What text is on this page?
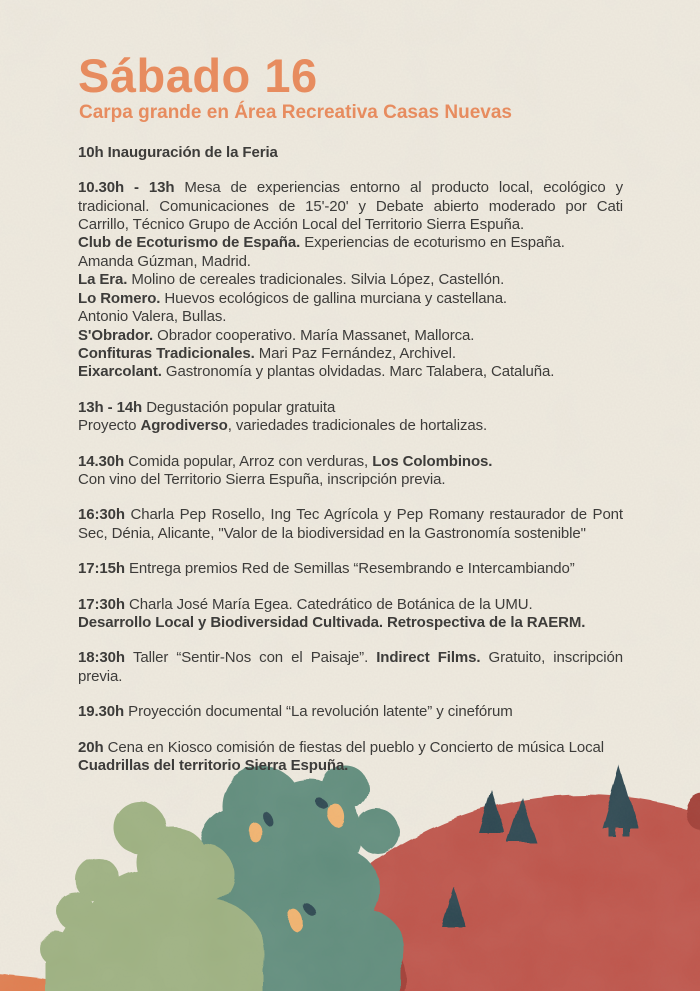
Sábado 16
Carpa grande en Área Recreativa Casas Nuevas

10h Inauguración de la Feria

10.30h - 13h Mesa de experiencias entorno al producto local, ecológico y tradicional. Comunicaciones de 15'-20' y Debate abierto moderado por Cati Carrillo, Técnico Grupo de Acción Local del Territorio Sierra Espuña.
Club de Ecoturismo de España. Experiencias de ecoturismo en España.
Amanda Gúzman, Madrid.
La Era. Molino de cereales tradicionales. Silvia López, Castellón.
Lo Romero. Huevos ecológicos de gallina murciana y castellana.
Antonio Valera, Bullas.
S'Obrador. Obrador cooperativo. María Massanet, Mallorca.
Confituras Tradicionales. Mari Paz Fernández, Archivel.
Eixarcolant. Gastronomía y plantas olvidadas. Marc Talabera, Cataluña.

13h - 14h Degustación popular gratuita
Proyecto Agrodiverso, variedades tradicionales de hortalizas.

14.30h Comida popular, Arroz con verduras, Los Colombinos.
Con vino del Territorio Sierra Espuña, inscripción previa.

16:30h Charla Pep Rosello, Ing Tec Agrícola y Pep Romany restaurador de Pont Sec, Dénia, Alicante, "Valor de la biodiversidad en la Gastronomía sostenible"

17:15h Entrega premios Red de Semillas “Resembrando e Intercambiando”

17:30h Charla José María Egea. Catedrático de Botánica de la UMU.
Desarrollo Local y Biodiversidad Cultivada. Retrospectiva de la RAERM.

18:30h Taller “Sentir-Nos con el Paisaje”. Indirect Films. Gratuito, inscripción previa.

19.30h Proyección documental “La revolución latente” y cinefórum

20h Cena en Kiosco comisión de fiestas del pueblo y Concierto de música Local
Cuadrillas del territorio Sierra Espuña.
